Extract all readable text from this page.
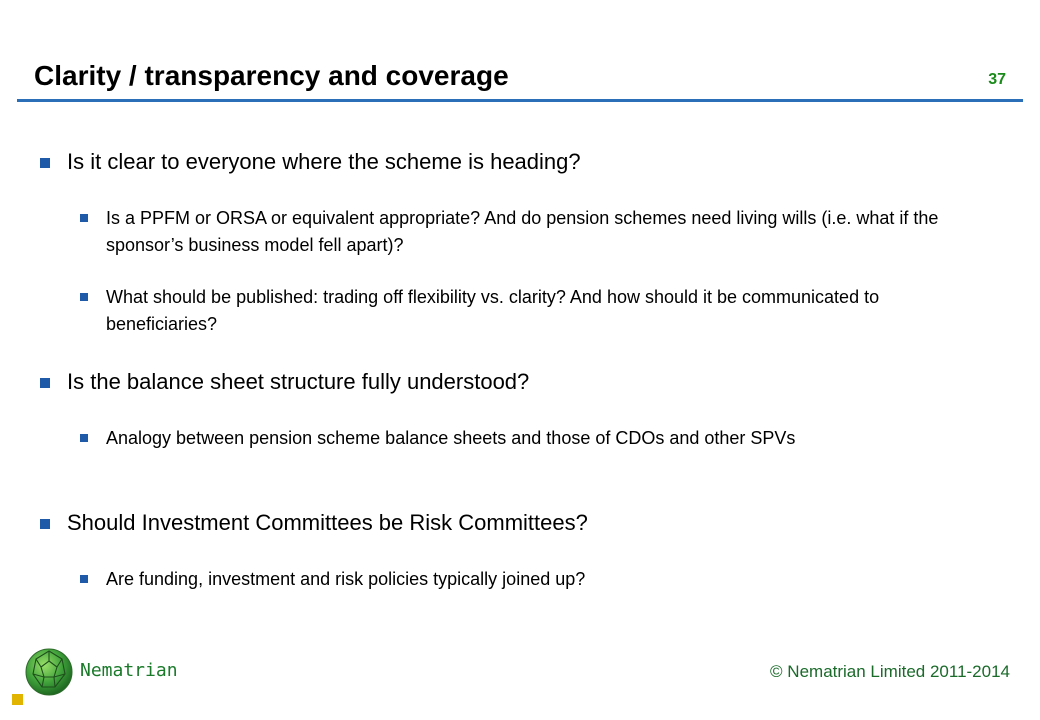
Clarity / transparency and coverage	37
Is it clear to everyone where the scheme is heading?
Is a PPFM or ORSA or equivalent appropriate? And do pension schemes need living wills (i.e. what if the sponsor’s business model fell apart)?
What should be published: trading off flexibility vs. clarity? And how should it be communicated to beneficiaries?
Is the balance sheet structure fully understood?
Analogy between pension scheme balance sheets and those of CDOs and other SPVs
Should Investment Committees be Risk Committees?
Are funding, investment and risk policies typically joined up?
Nematrian	© Nematrian Limited 2011-2014
